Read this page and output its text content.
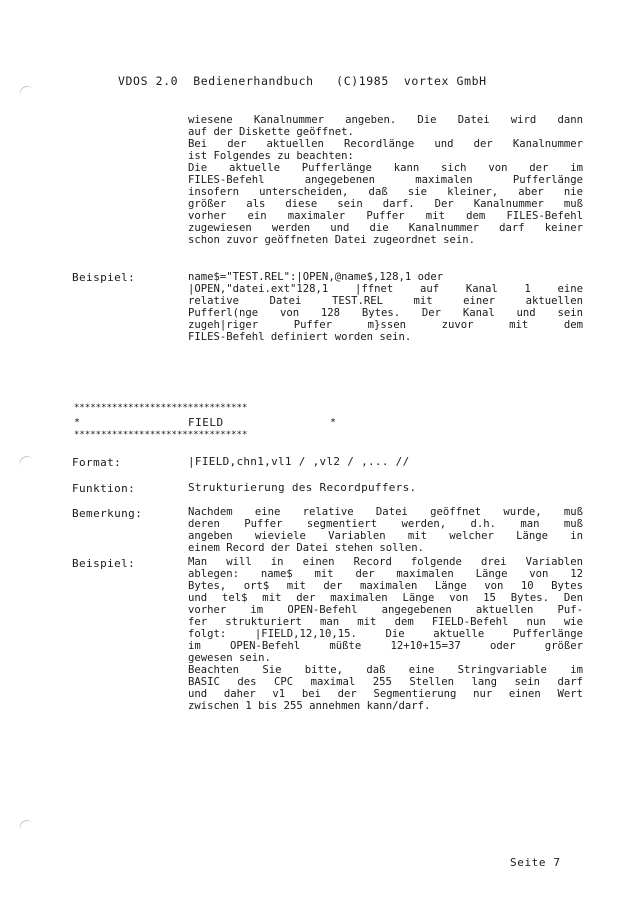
VDOS 2.0  Bedienerhandbuch   (C)1985  vortex GmbH
wiesene Kanalnummer angeben. Die Datei wird dann
auf der Diskette geöffnet.
Bei der aktuellen Recordlänge und der Kanalnummer
ist Folgendes zu beachten:
Die aktuelle Pufferlänge kann sich von der im
FILES-Befehl angegebenen maximalen Pufferlänge
insofern unterscheiden, daß sie kleiner, aber nie
größer als diese sein darf. Der Kanalnummer muß
vorher ein maximaler Puffer mit dem FILES-Befehl
zugewiesen werden und die Kanalnummer darf keiner
schon zuvor geöffneten Datei zugeordnet sein.
Beispiel:	name$="TEST.REL":|OPEN,@name$,128,1 oder
|OPEN,"datei.ext"128,1 |ffnet auf Kanal 1 eine
relative Datei TEST.REL mit einer aktuellen
Pufferl(nge von 128 Bytes. Der Kanal und sein
zugeh|riger Puffer m}ssen zuvor mit dem
FILES-Befehl definiert worden sein.
********************************
*	FIELD	*
********************************
Format:	|FIELD,chn1,vl1 / ,vl2 / ,... //
Funktion:	Strukturierung des Recordpuffers.
Bemerkung:	Nachdem eine relative Datei geöffnet wurde, muß
deren Puffer segmentiert werden, d.h. man muß
angeben wieviele Variablen mit welcher Länge in
einem Record der Datei stehen sollen.
Beispiel:	Man will in einen Record folgende drei Variablen
ablegen: name$ mit der maximalen Länge von 12
Bytes, ort$ mit der maximalen Länge von 10 Bytes
und tel$ mit der maximalen Länge von 15 Bytes. Den
vorher im OPEN-Befehl angegebenen aktuellen Puf-
fer strukturiert man mit dem FIELD-Befehl nun wie
folgt: |FIELD,12,10,15. Die aktuelle Pufferlänge
im OPEN-Befehl müßte 12+10+15=37 oder größer
gewesen sein.
Beachten Sie bitte, daß eine Stringvariable im
BASIC des CPC maximal 255 Stellen lang sein darf
und daher v1 bei der Segmentierung nur einen Wert
zwischen 1 bis 255 annehmen kann/darf.
Seite 7
